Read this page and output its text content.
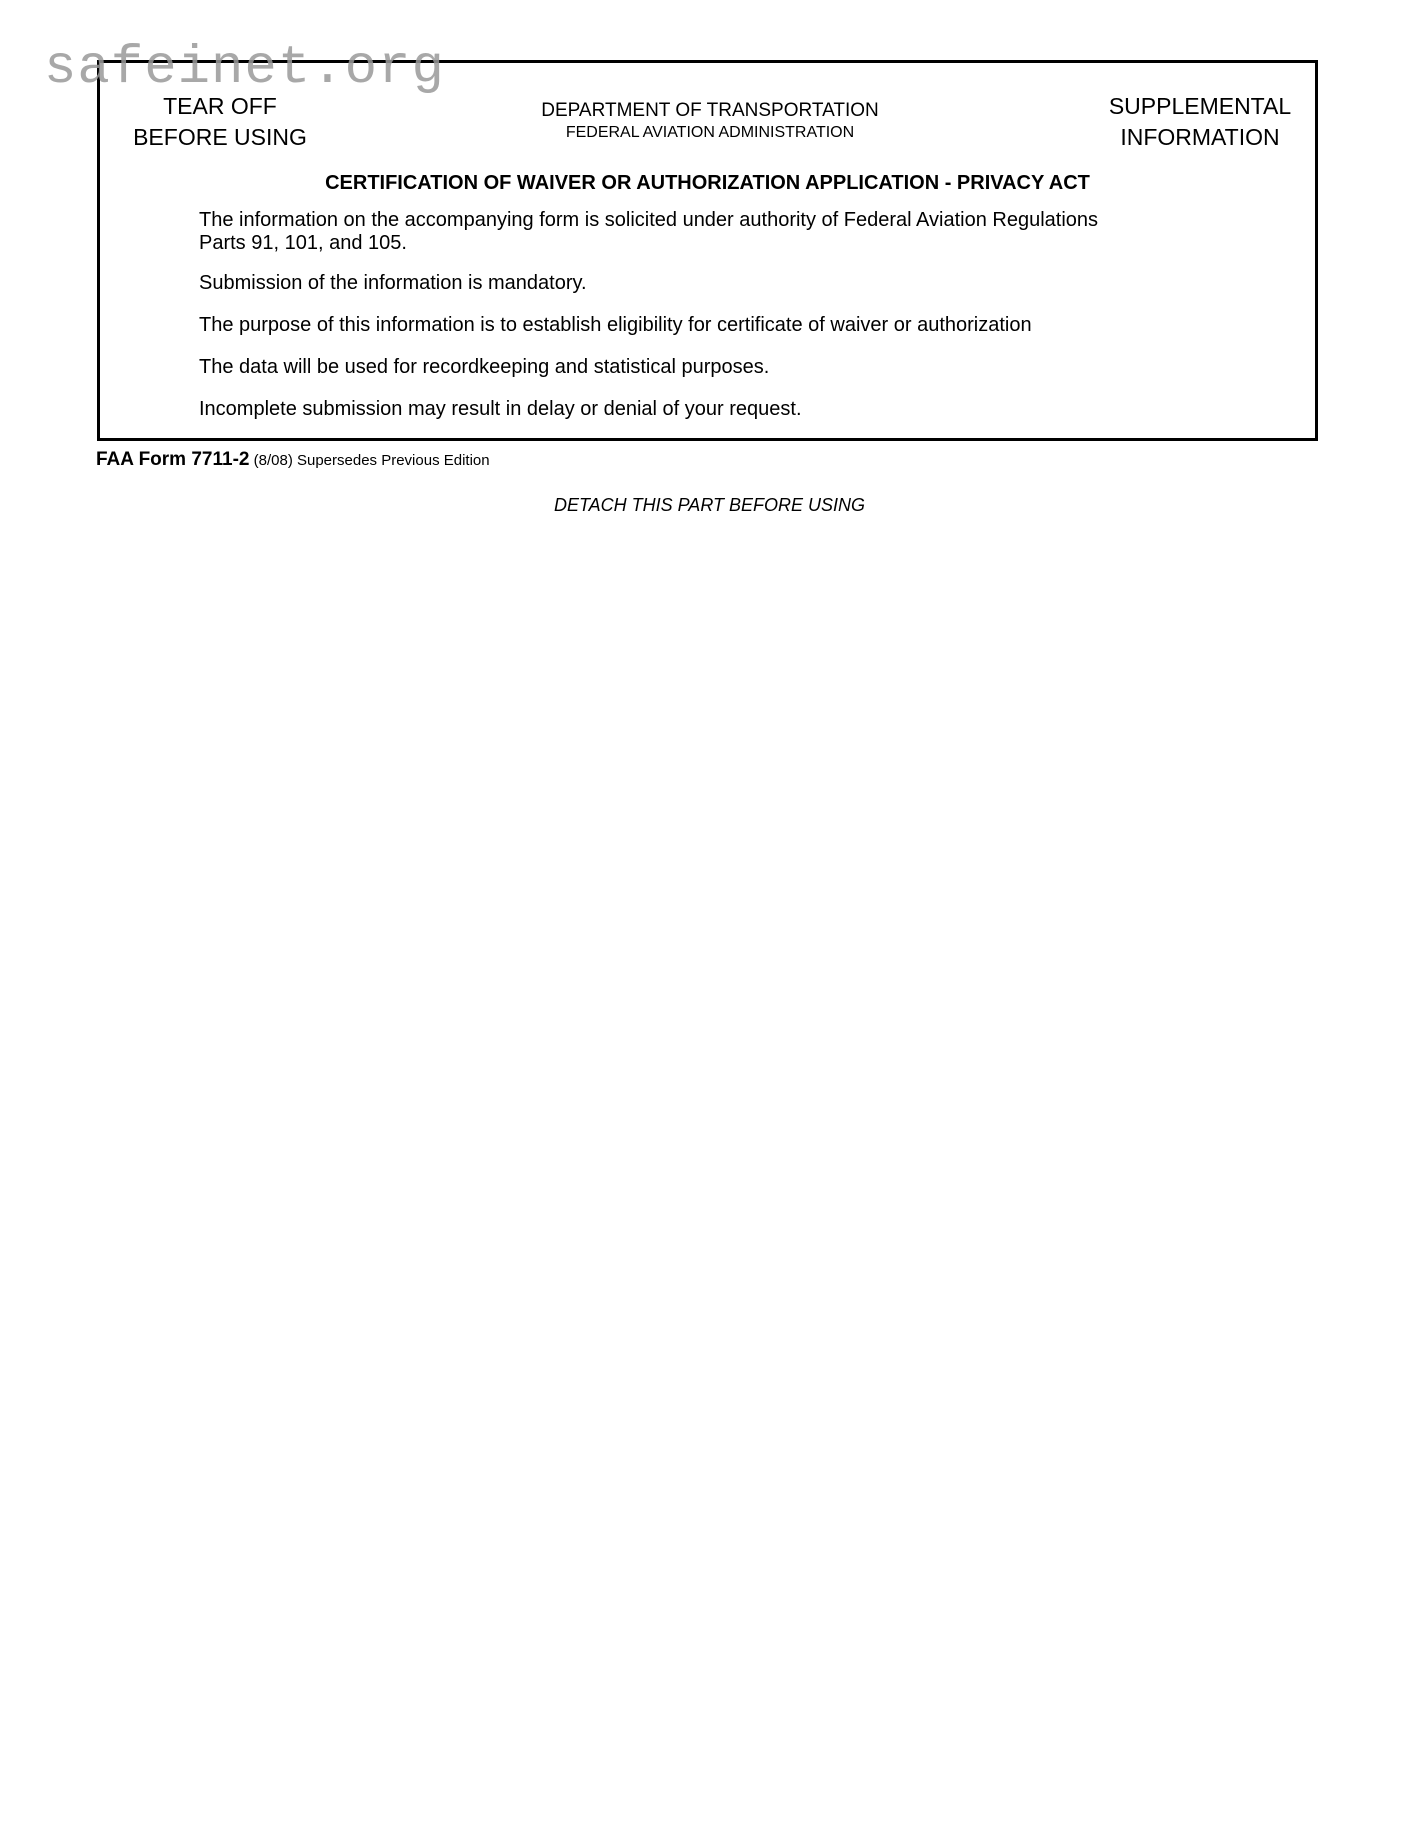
safeinet.org
TEAR OFF
BEFORE USING
DEPARTMENT OF TRANSPORTATION
FEDERAL AVIATION ADMINISTRATION
SUPPLEMENTAL
INFORMATION
CERTIFICATION OF WAIVER OR AUTHORIZATION APPLICATION - PRIVACY ACT

The information on the accompanying form is solicited under authority of Federal Aviation Regulations
Parts 91, 101, and 105.

Submission of the information is mandatory.

The purpose of this information is to establish eligibility for certificate of waiver or authorization

The data will be used for recordkeeping and statistical purposes.

Incomplete submission may result in delay or denial of your request.

FAA Form 7711-2 (8/08) Supersedes Previous Edition
DETACH THIS PART BEFORE USING
